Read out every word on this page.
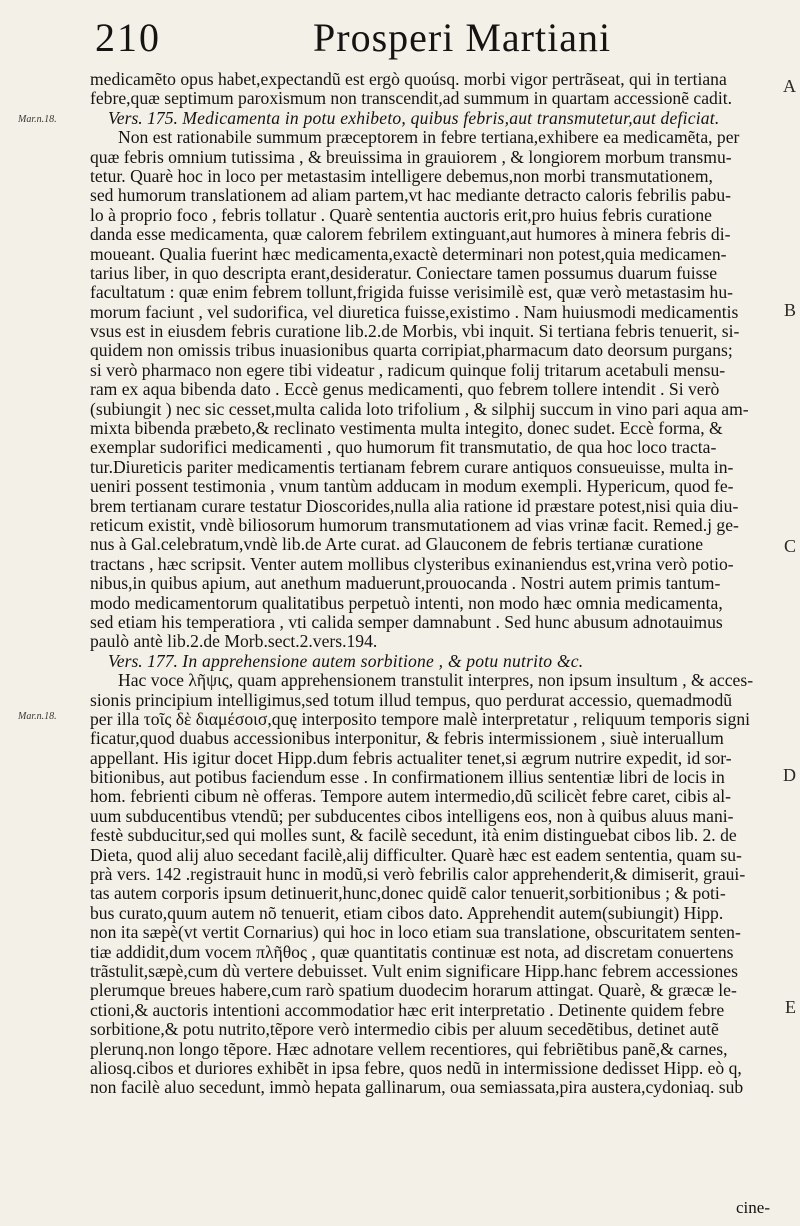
210	Prosperi Martiani
Mar.n.18.
Mar.n.18.
A
B
C
D
E
medicamẽto opus habet,expectandũ est ergò quoúsq. morbi vigor pertrãseat, qui in tertiana
febre,quæ septimum paroxismum non transcendit,ad summum in quartam accessionẽ cadit.
Vers. 175. Medicamenta in potu exhibeto, quibus febris,aut transmutetur,aut deficiat.
Non est rationabile summum præceptorem in febre tertiana,exhibere ea medicamẽta, per
quæ febris omnium tutissima , & breuissima in grauiorem , & longiorem morbum transmu-
tetur. Quarè hoc in loco per metastasim intelligere debemus,non morbi transmutationem,
sed humorum translationem ad aliam partem,vt hac mediante detracto caloris febrilis pabu-
lo à proprio foco , febris tollatur . Quarè sententia auctoris erit,pro huius febris curatione
danda esse medicamenta, quæ calorem febrilem extinguant,aut humores à minera febris di-
moueant. Qualia fuerint hæc medicamenta,exactè determinari non potest,quia medicamen-
tarius liber, in quo descripta erant,desideratur. Coniectare tamen possumus duarum fuisse
facultatum : quæ enim febrem tollunt,frigida fuisse verisimilè est, quæ verò metastasim hu-
morum faciunt , vel sudorifica, vel diuretica fuisse,existimo . Nam huiusmodi medicamentis
vsus est in eiusdem febris curatione lib.2.de Morbis, vbi inquit. Si tertiana febris tenuerit, si-
quidem non omissis tribus inuasionibus quarta corripiat,pharmacum dato deorsum purgans;
si verò pharmaco non egere tibi videatur , radicum quinque folij tritarum acetabuli mensu-
ram ex aqua bibenda dato . Eccè genus medicamenti, quo febrem tollere intendit . Si verò
(subiungit ) nec sic cesset,multa calida loto trifolium , & silphij succum in vino pari aqua am-
mixta bibenda præbeto,& reclinato vestimenta multa integito, donec sudet. Eccè forma, &
exemplar sudorifici medicamenti , quo humorum fit transmutatio, de qua hoc loco tracta-
tur.Diureticis pariter medicamentis tertianam febrem curare antiquos consueuisse, multa in-
ueniri possent testimonia , vnum tantùm adducam in modum exempli. Hypericum, quod fe-
brem tertianam curare testatur Dioscorides,nulla alia ratione id præstare potest,nisi quia diu-
reticum existit, vndè biliosorum humorum transmutationem ad vias vrinæ facit. Remed.j ge-
nus à Gal.celebratum,vndè lib.de Arte curat. ad Glauconem de febris tertianæ curatione
tractans , hæc scripsit. Venter autem mollibus clysteribus exinaniendus est,vrina verò potio-
nibus,in quibus apium, aut anethum maduerunt,prouocanda . Nostri autem primis tantum-
modo medicamentorum qualitatibus perpetuò intenti, non modo hæc omnia medicamenta,
sed etiam his temperatiora , vti calida semper damnabunt . Sed hunc abusum adnotauimus
paulò antè lib.2.de Morb.sect.2.vers.194.
Vers. 177. In apprehensione autem sorbitione , & potu nutrito &c.
Hac voce λῆψις, quam apprehensionem transtulit interpres, non ipsum insultum , & acces-
sionis principium intelligimus,sed totum illud tempus, quo perdurat accessio, quemadmodũ
per illa τοῖς δὲ διαμέσοισ,quę interposito tempore malè interpretatur , reliquum temporis signi
ficatur,quod duabus accessionibus interponitur, & febris intermissionem , siuè interuallum
appellant. His igitur docet Hipp.dum febris actualiter tenet,si ægrum nutrire expedit, id sor-
bitionibus, aut potibus faciendum esse . In confirmationem illius sententiæ libri de locis in
hom. febrienti cibum nè offeras. Tempore autem intermedio,dũ scilicèt febre caret, cibis al-
uum subducentibus vtendũ; per subducentes cibos intelligens eos, non à quibus aluus mani-
festè subducitur,sed qui molles sunt, & facilè secedunt, ità enim distinguebat cibos lib. 2. de
Dieta, quod alij aluo secedant facilè,alij difficulter. Quarè hæc est eadem sententia, quam su-
prà vers. 142 .registrauit hunc in modũ,si verò febrilis calor apprehenderit,& dimiserit, graui-
tas autem corporis ipsum detinuerit,hunc,donec quidẽ calor tenuerit,sorbitionibus ; & poti-
bus curato,quum autem nõ tenuerit, etiam cibos dato. Apprehendit autem(subiungit) Hipp.
non ita sæpè(vt vertit Cornarius) qui hoc in loco etiam sua translatione, obscuritatem senten-
tiæ addidit,dum vocem πλῆθος , quæ quantitatis continuæ est nota, ad discretam conuertens
trãstulit,sæpè,cum dù vertere debuisset. Vult enim significare Hipp.hanc febrem accessiones
plerumque breues habere,cum rarò spatium duodecim horarum attingat. Quarè, & græcæ le-
ctioni,& auctoris intentioni accommodatior hæc erit interpretatio . Detinente quidem febre
sorbitione,& potu nutrito,tẽpore verò intermedio cibis per aluum secedẽtibus, detinet autẽ
plerunq.non longo tẽpore. Hæc adnotare vellem recentiores, qui febriẽtibus panẽ,& carnes,
aliosq.cibos et duriores exhibẽt in ipsa febre, quos nedũ in intermissione dedisset Hipp. eò q,
non facilè aluo secedunt, immò hepata gallinarum, oua semiassata,pira austera,cydoniaq. sub
cine-
